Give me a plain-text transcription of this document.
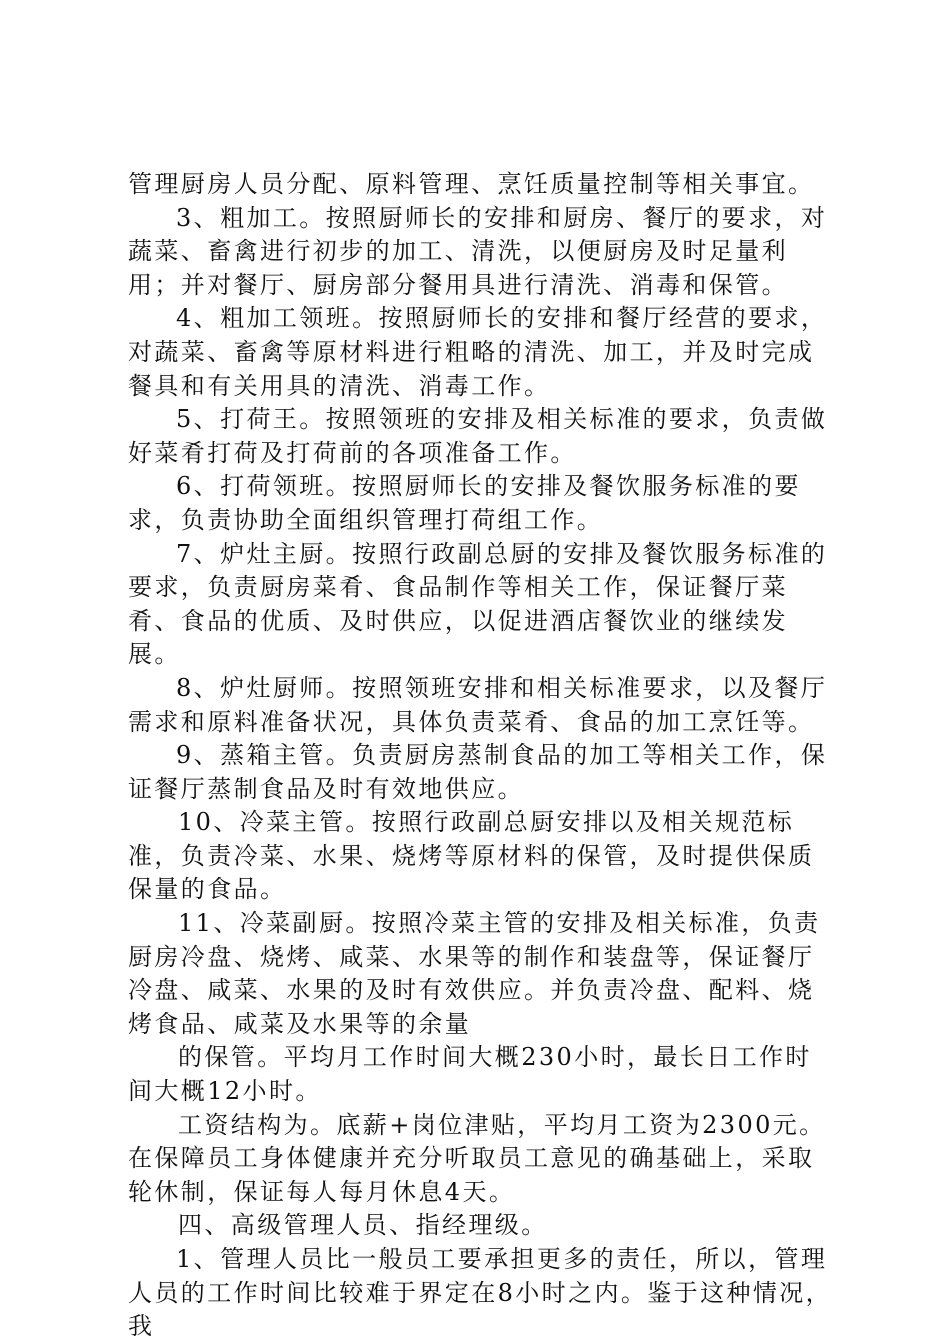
管理厨房人员分配、原料管理、烹饪质量控制等相关事宜。

3、粗加工。按照厨师长的安排和厨房、餐厅的要求，对蔬菜、畜禽进行初步的加工、清洗，以便厨房及时足量利用；并对餐厅、厨房部分餐用具进行清洗、消毒和保管。

4、粗加工领班。按照厨师长的安排和餐厅经营的要求，对蔬菜、畜禽等原材料进行粗略的清洗、加工，并及时完成餐具和有关用具的清洗、消毒工作。

5、打荷王。按照领班的安排及相关标准的要求，负责做好菜肴打荷及打荷前的各项准备工作。

6、打荷领班。按照厨师长的安排及餐饮服务标准的要求，负责协助全面组织管理打荷组工作。

7、炉灶主厨。按照行政副总厨的安排及餐饮服务标准的要求，负责厨房菜肴、食品制作等相关工作，保证餐厅菜肴、食品的优质、及时供应，以促进酒店餐饮业的继续发展。

8、炉灶厨师。按照领班安排和相关标准要求，以及餐厅需求和原料准备状况，具体负责菜肴、食品的加工烹饪等。

9、蒸箱主管。负责厨房蒸制食品的加工等相关工作，保证餐厅蒸制食品及时有效地供应。

10、冷菜主管。按照行政副总厨安排以及相关规范标准，负责冷菜、水果、烧烤等原材料的保管，及时提供保质保量的食品。

11、冷菜副厨。按照冷菜主管的安排及相关标准，负责厨房冷盘、烧烤、咸菜、水果等的制作和装盘等，保证餐厅冷盘、咸菜、水果的及时有效供应。并负责冷盘、配料、烧烤食品、咸菜及水果等的余量

的保管。平均月工作时间大概230小时，最长日工作时间大概12小时。

工资结构为。底薪+岗位津贴，平均月工资为2300元。在保障员工身体健康并充分听取员工意见的确基础上，采取轮休制，保证每人每月休息4天。

四、高级管理人员、指经理级。

1、管理人员比一般员工要承担更多的责任，所以，管理人员的工作时间比较难于界定在8小时之内。鉴于这种情况，我
